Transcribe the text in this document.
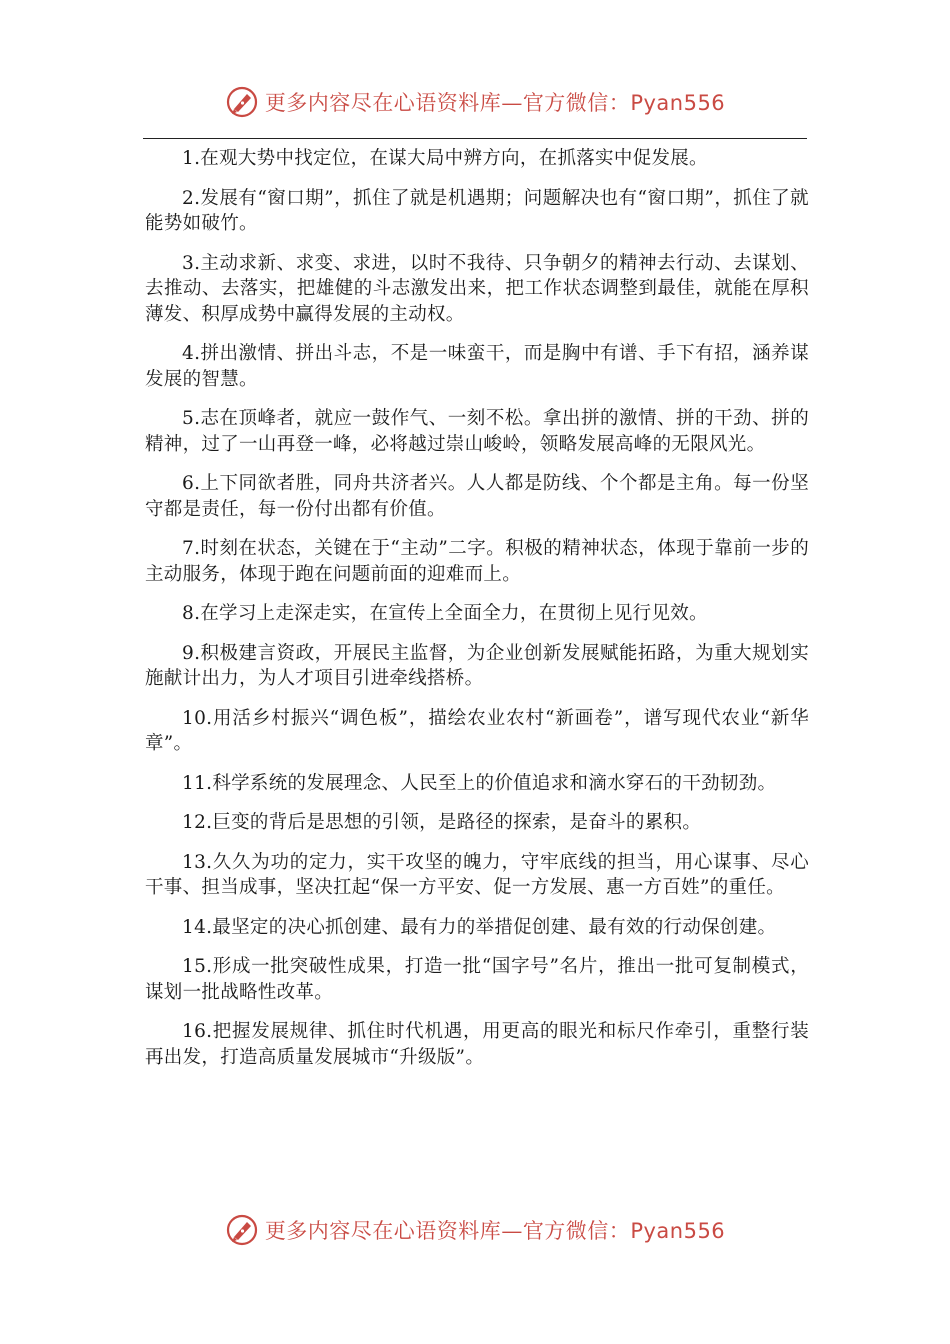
更多内容尽在心语资料库—官方微信：Pyan556

1.在观大势中找定位，在谋大局中辨方向，在抓落实中促发展。

2.发展有“窗口期”，抓住了就是机遇期；问题解决也有“窗口期”，抓住了就能势如破竹。

3.主动求新、求变、求进，以时不我待、只争朝夕的精神去行动、去谋划、去推动、去落实，把雄健的斗志激发出来，把工作状态调整到最佳，就能在厚积薄发、积厚成势中赢得发展的主动权。

4.拼出激情、拼出斗志，不是一味蛮干，而是胸中有谱、手下有招，涵养谋发展的智慧。

5.志在顶峰者，就应一鼓作气、一刻不松。拿出拼的激情、拼的干劲、拼的精神，过了一山再登一峰，必将越过崇山峻岭，领略发展高峰的无限风光。

6.上下同欲者胜，同舟共济者兴。人人都是防线、个个都是主角。每一份坚守都是责任，每一份付出都有价值。

7.时刻在状态，关键在于“主动”二字。积极的精神状态，体现于靠前一步的主动服务，体现于跑在问题前面的迎难而上。

8.在学习上走深走实，在宣传上全面全力，在贯彻上见行见效。

9.积极建言资政，开展民主监督，为企业创新发展赋能拓路，为重大规划实施献计出力，为人才项目引进牵线搭桥。

10.用活乡村振兴“调色板”，描绘农业农村“新画卷”，谱写现代农业“新华章”。

11.科学系统的发展理念、人民至上的价值追求和滴水穿石的干劲韧劲。

12.巨变的背后是思想的引领，是路径的探索，是奋斗的累积。

13.久久为功的定力，实干攻坚的魄力，守牢底线的担当，用心谋事、尽心干事、担当成事，坚决扛起“保一方平安、促一方发展、惠一方百姓”的重任。

14.最坚定的决心抓创建、最有力的举措促创建、最有效的行动保创建。

15.形成一批突破性成果，打造一批“国字号”名片，推出一批可复制模式，谋划一批战略性改革。

16.把握发展规律、抓住时代机遇，用更高的眼光和标尺作牵引，重整行装再出发，打造高质量发展城市“升级版”。

更多内容尽在心语资料库—官方微信：Pyan556
